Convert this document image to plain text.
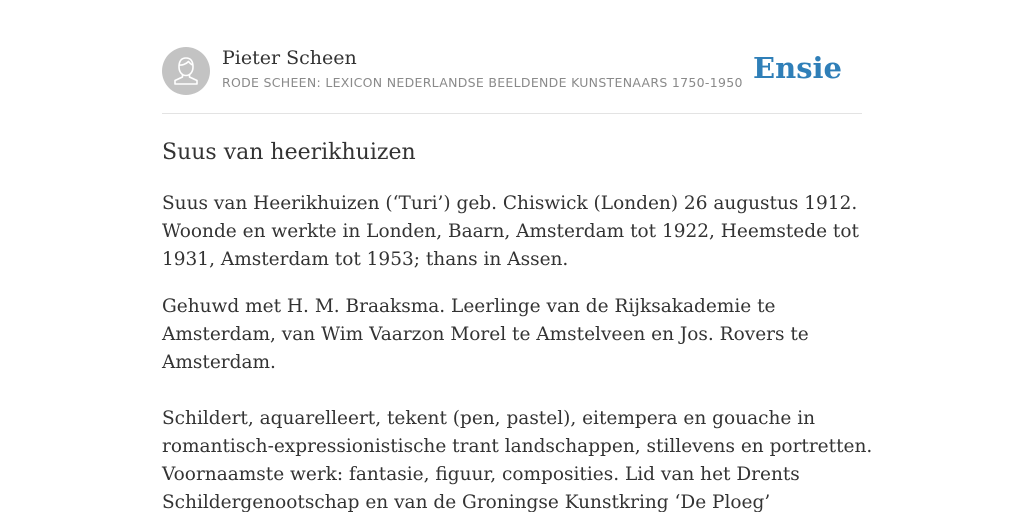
Pieter Scheen
RODE SCHEEN: LEXICON NEDERLANDSE BEELDENDE KUNSTENAARS 1750-1950 Ensie
Suus van heerikhuizen

Suus van Heerikhuizen (‘Turi’) geb. Chiswick (Londen) 26 augustus 1912. Woonde en werkte in Londen, Baarn, Amsterdam tot 1922, Heemstede tot 1931, Amsterdam tot 1953; thans in Assen.

Gehuwd met H. M. Braaksma. Leerlinge van de Rijksakademie te Amsterdam, van Wim Vaarzon Morel te Amstelveen en Jos. Rovers te Amsterdam.

Schildert, aquarelleert, tekent (pen, pastel), eitempera en gouache in romantisch-expressionistische trant landschappen, stillevens en portretten. Voornaamste werk: fantasie, figuur, composities. Lid van het Drents Schildergenootschap en van de Groningse Kunstkring ‘De Ploeg’
